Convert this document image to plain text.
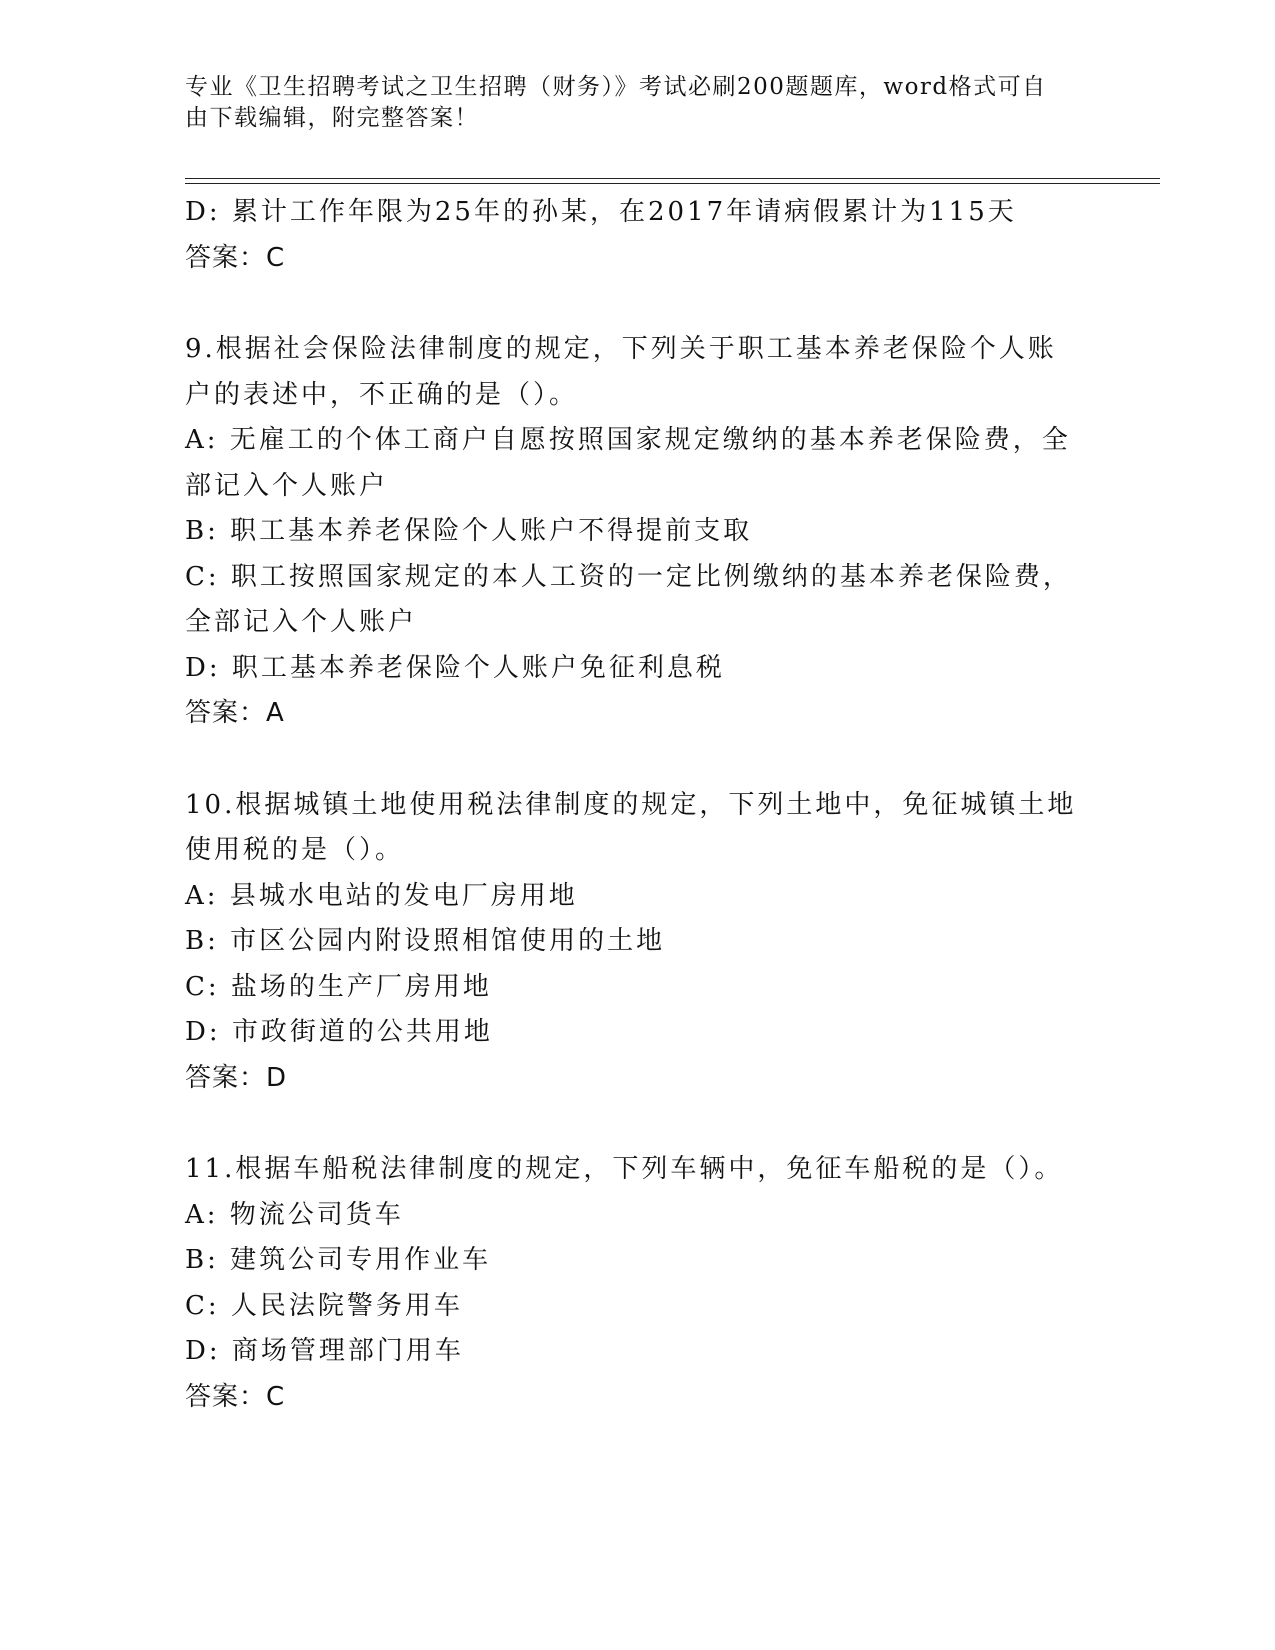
专业《卫生招聘考试之卫生招聘（财务）》考试必刷200题题库，word格式可自
由下载编辑，附完整答案！
D: 累计工作年限为25年的孙某，在2017年请病假累计为115天
答案：C
9.根据社会保险法律制度的规定，下列关于职工基本养老保险个人账
户的表述中，不正确的是（）。
A: 无雇工的个体工商户自愿按照国家规定缴纳的基本养老保险费，全
部记入个人账户
B: 职工基本养老保险个人账户不得提前支取
C: 职工按照国家规定的本人工资的一定比例缴纳的基本养老保险费，
全部记入个人账户
D: 职工基本养老保险个人账户免征利息税
答案：A
10.根据城镇土地使用税法律制度的规定，下列土地中，免征城镇土地
使用税的是（）。
A: 县城水电站的发电厂房用地
B: 市区公园内附设照相馆使用的土地
C: 盐场的生产厂房用地
D: 市政街道的公共用地
答案：D
11.根据车船税法律制度的规定，下列车辆中，免征车船税的是（）。
A: 物流公司货车
B: 建筑公司专用作业车
C: 人民法院警务用车
D: 商场管理部门用车
答案：C
